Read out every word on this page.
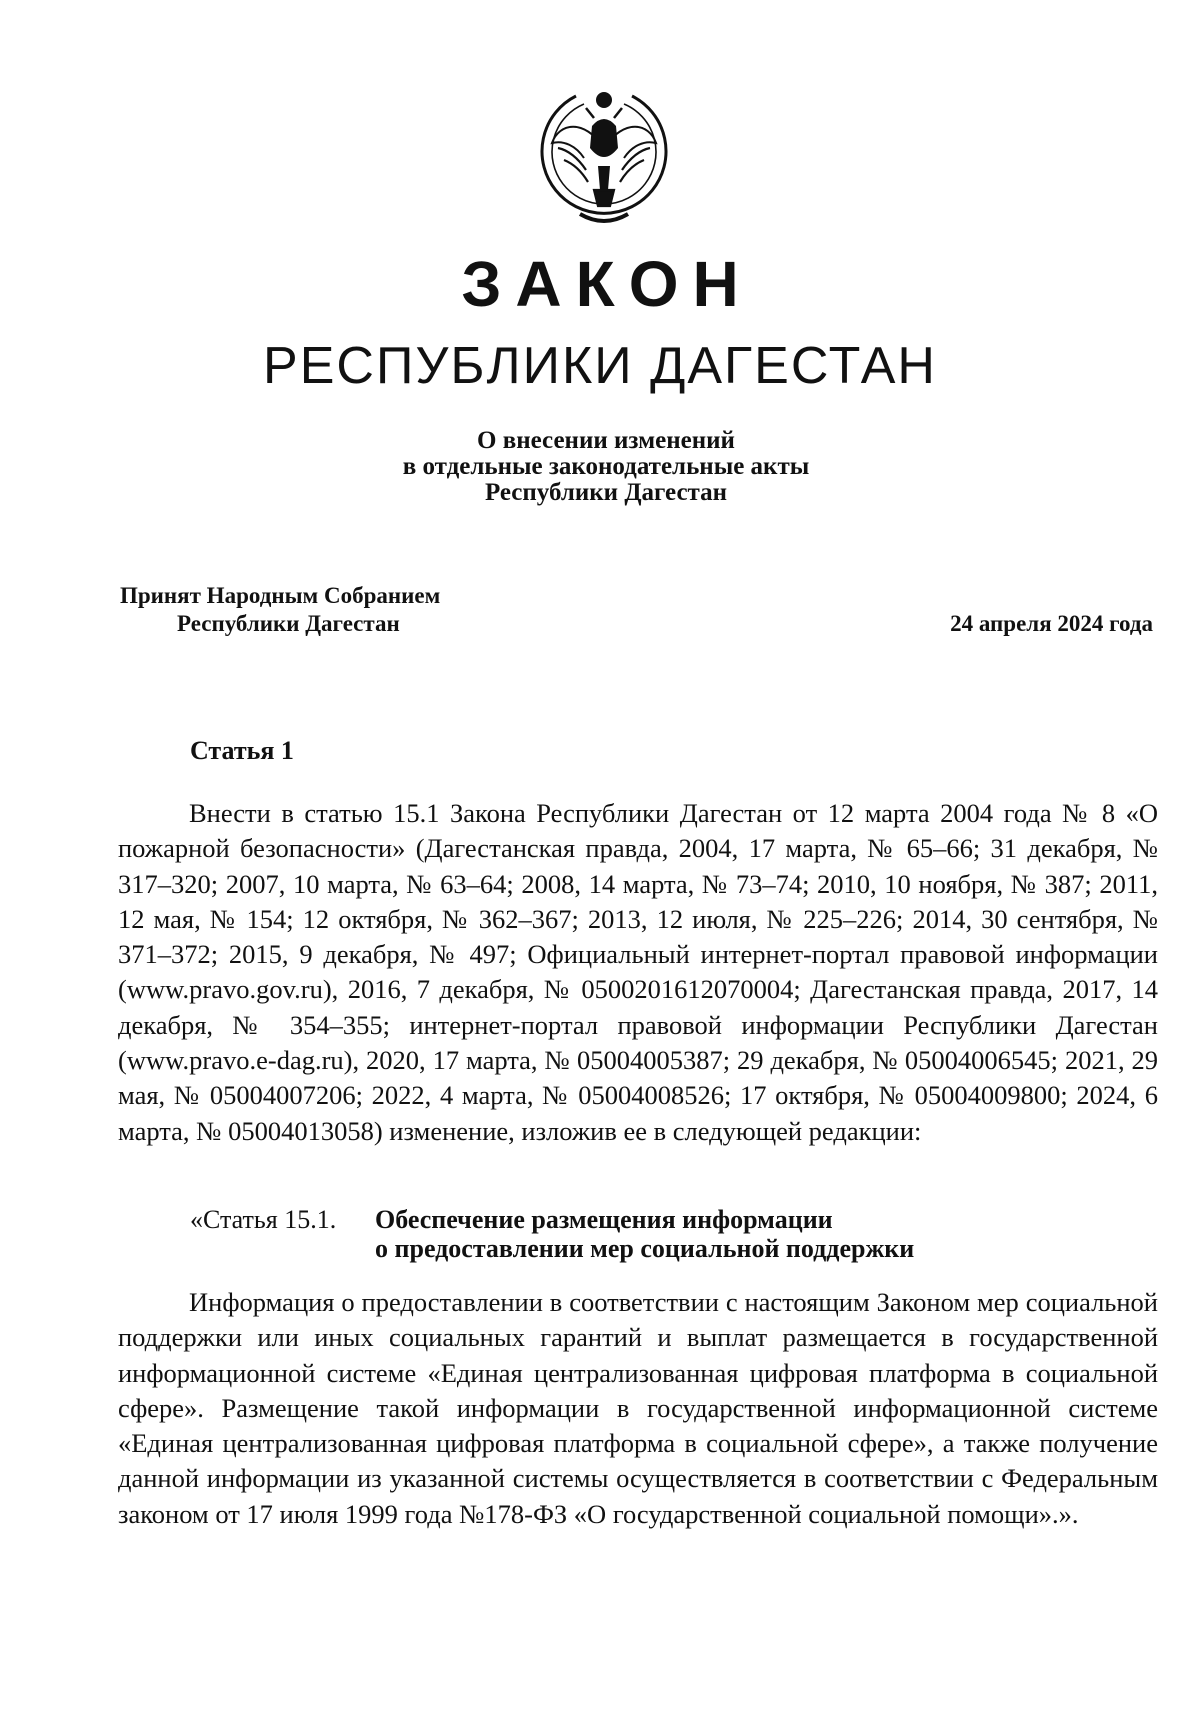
ЗАКОН
РЕСПУБЛИКИ ДАГЕСТАН
О внесении изменений
в отдельные законодательные акты
Республики Дагестан
Принят Народным Собранием
Республики Дагестан	24 апреля 2024 года
Статья 1

Внести в статью 15.1 Закона Республики Дагестан от 12 марта 2004 года № 8 «О пожарной безопасности» (Дагестанская правда, 2004, 17 марта, № 65–66; 31 декабря, № 317–320; 2007, 10 марта, № 63–64; 2008, 14 марта, № 73–74; 2010, 10 ноября, № 387; 2011, 12 мая, № 154; 12 октября, № 362–367; 2013, 12 июля, № 225–226; 2014, 30 сентября, № 371–372; 2015, 9 декабря, № 497; Официальный интернет-портал правовой информации (www.pravo.gov.ru), 2016, 7 декабря, № 0500201612070004; Дагестанская правда, 2017, 14 декабря, № 354–355; интернет-портал правовой информации Республики Дагестан (www.pravo.e-dag.ru), 2020, 17 марта, № 05004005387; 29 декабря, № 05004006545; 2021, 29 мая, № 05004007206; 2022, 4 марта, № 05004008526; 17 октября, № 05004009800; 2024, 6 марта, № 05004013058) изменение, изложив ее в следующей редакции:

«Статья 15.1. Обеспечение размещения информации
о предоставлении мер социальной поддержки

Информация о предоставлении в соответствии с настоящим Законом мер социальной поддержки или иных социальных гарантий и выплат размещается в государственной информационной системе «Единая централизованная цифровая платформа в социальной сфере». Размещение такой информации в государственной информационной системе «Единая централизованная цифровая платформа в социальной сфере», а также получение данной информации из указанной системы осуществляется в соответствии с Федеральным законом от 17 июля 1999 года №178-ФЗ «О государственной социальной помощи».».
